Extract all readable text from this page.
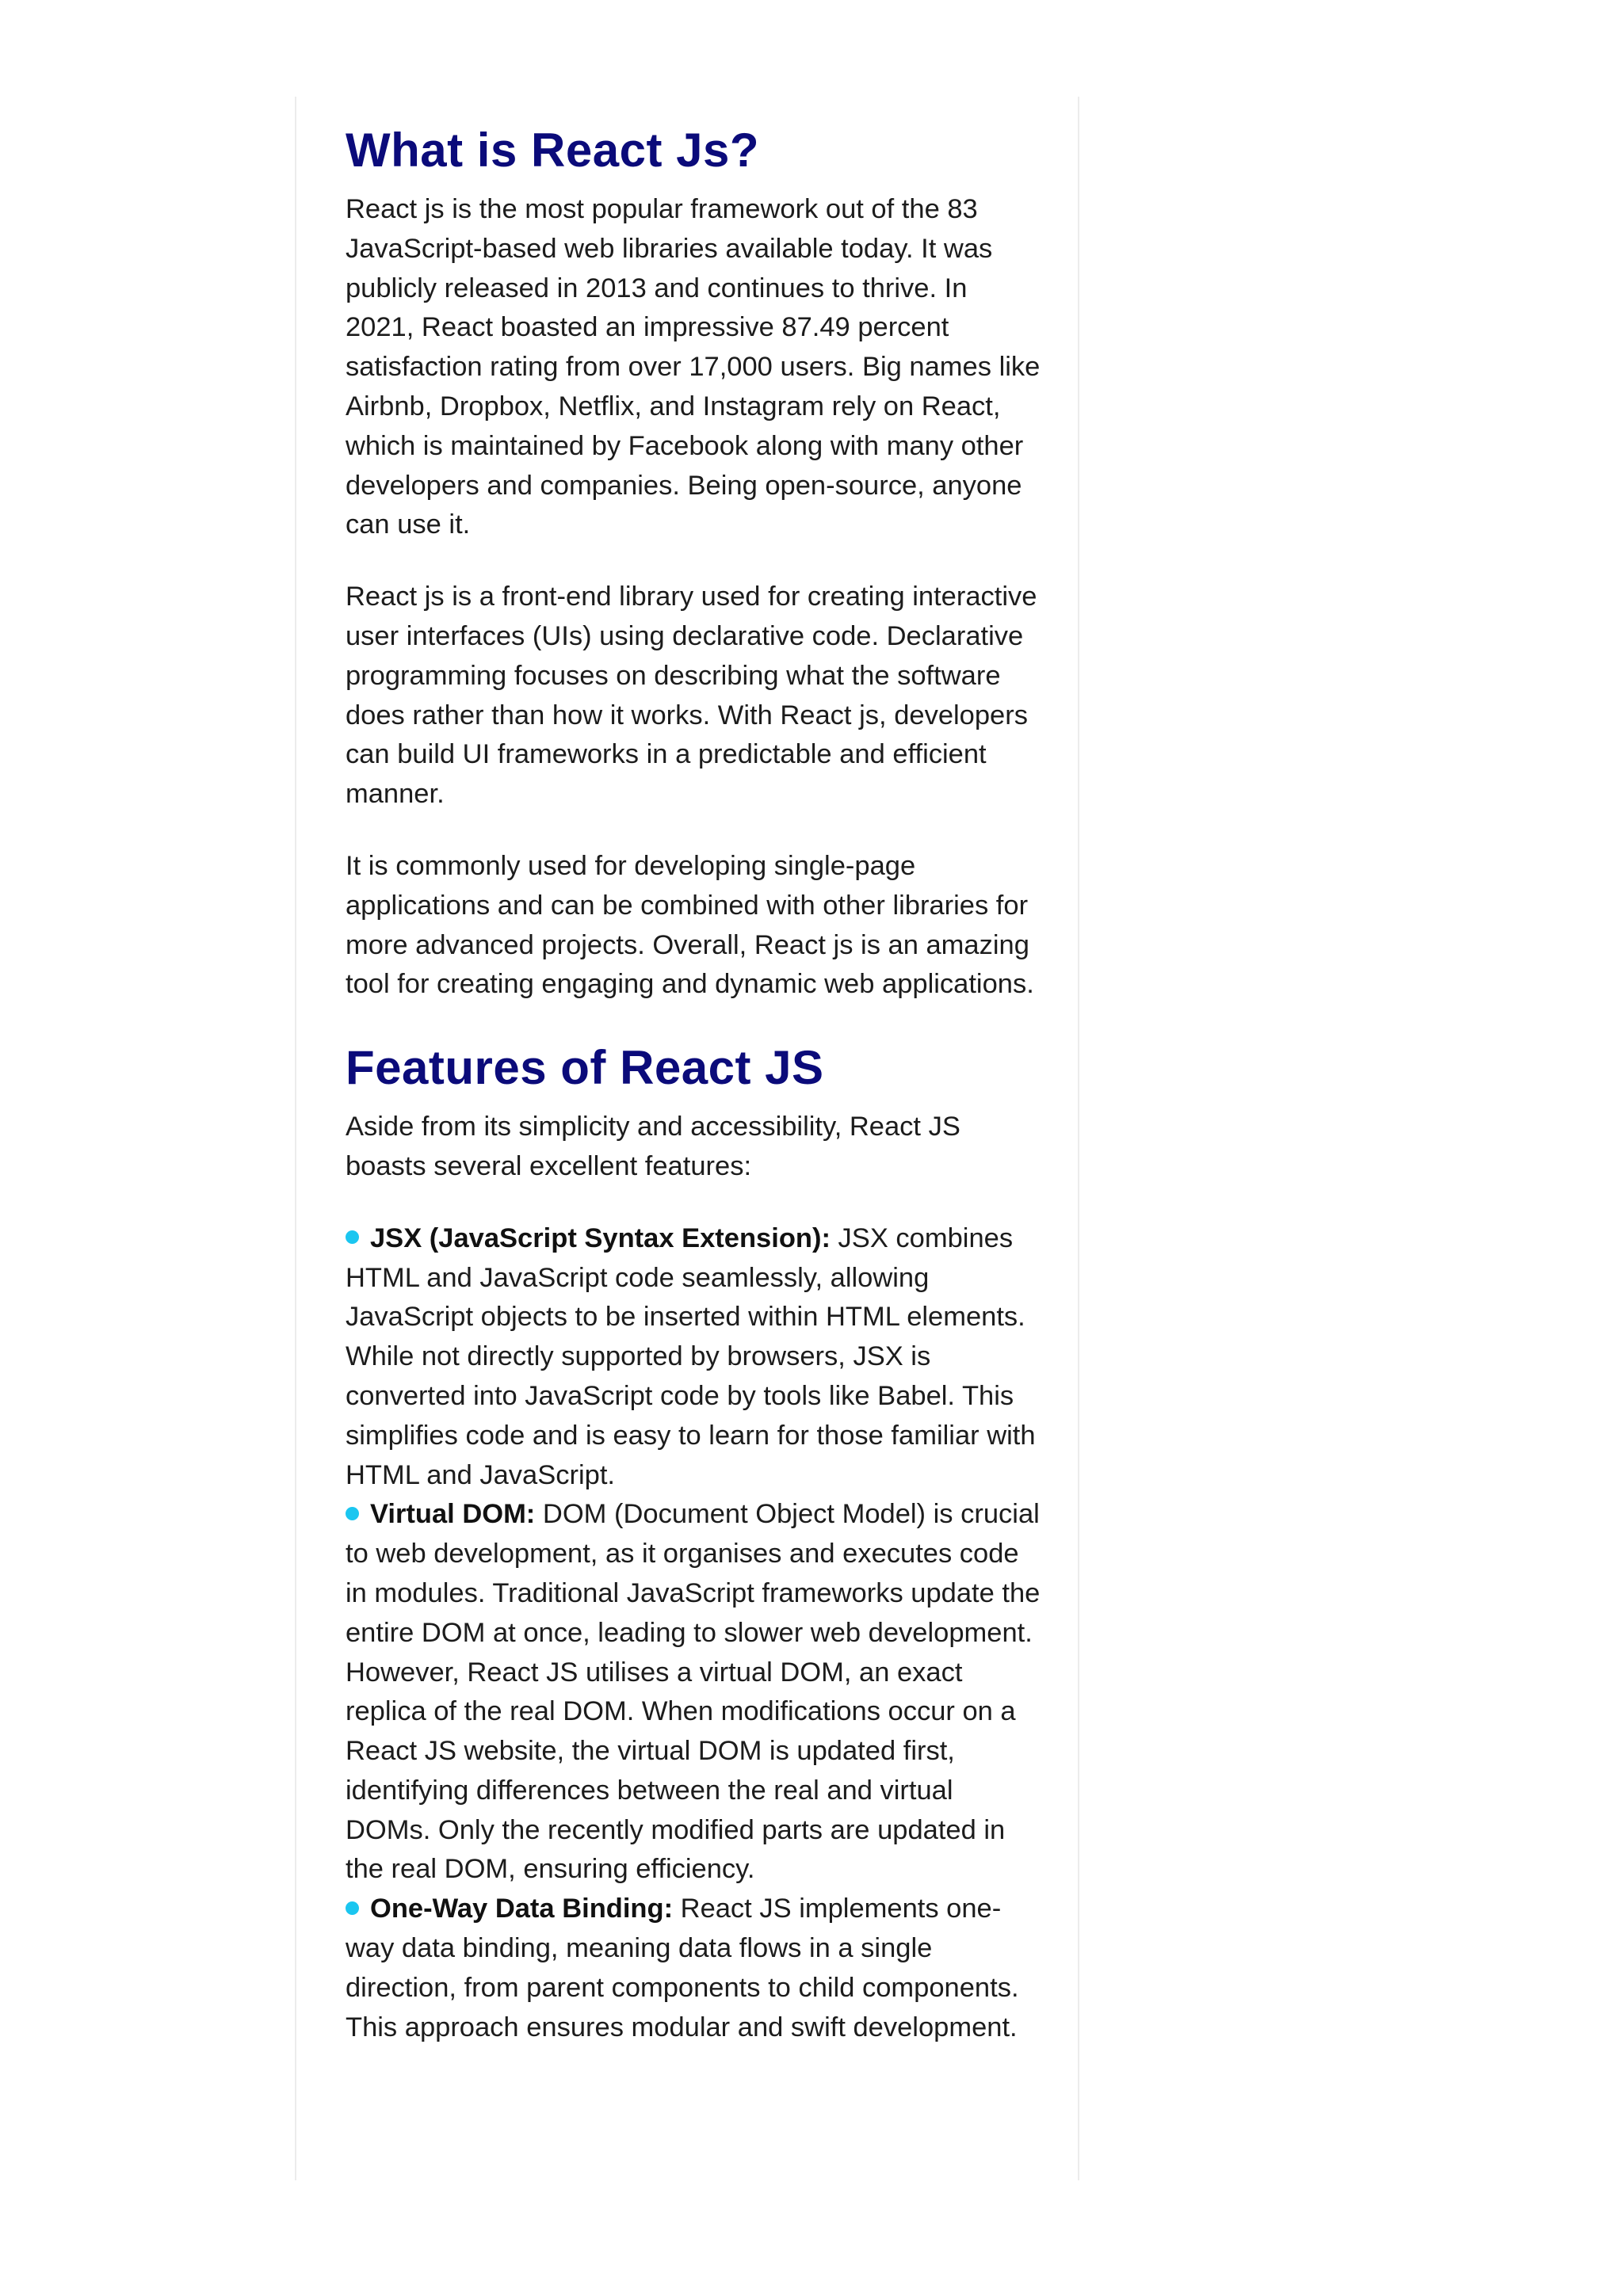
What is React Js?

React js is the most popular framework out of the 83 JavaScript-based web libraries available today. It was publicly released in 2013 and continues to thrive. In 2021, React boasted an impressive 87.49 percent satisfaction rating from over 17,000 users. Big names like Airbnb, Dropbox, Netflix, and Instagram rely on React, which is maintained by Facebook along with many other developers and companies. Being open-source, anyone can use it.

React js is a front-end library used for creating interactive user interfaces (UIs) using declarative code. Declarative programming focuses on describing what the software does rather than how it works. With React js, developers can build UI frameworks in a predictable and efficient manner.

It is commonly used for developing single-page applications and can be combined with other libraries for more advanced projects. Overall, React js is an amazing tool for creating engaging and dynamic web applications.

Features of React JS

Aside from its simplicity and accessibility, React JS boasts several excellent features:

JSX (JavaScript Syntax Extension): JSX combines HTML and JavaScript code seamlessly, allowing JavaScript objects to be inserted within HTML elements. While not directly supported by browsers, JSX is converted into JavaScript code by tools like Babel. This simplifies code and is easy to learn for those familiar with HTML and JavaScript.
Virtual DOM: DOM (Document Object Model) is crucial to web development, as it organises and executes code in modules. Traditional JavaScript frameworks update the entire DOM at once, leading to slower web development. However, React JS utilises a virtual DOM, an exact replica of the real DOM. When modifications occur on a React JS website, the virtual DOM is updated first, identifying differences between the real and virtual DOMs. Only the recently modified parts are updated in the real DOM, ensuring efficiency.
One-Way Data Binding: React JS implements one-way data binding, meaning data flows in a single direction, from parent components to child components. This approach ensures modular and swift development.
